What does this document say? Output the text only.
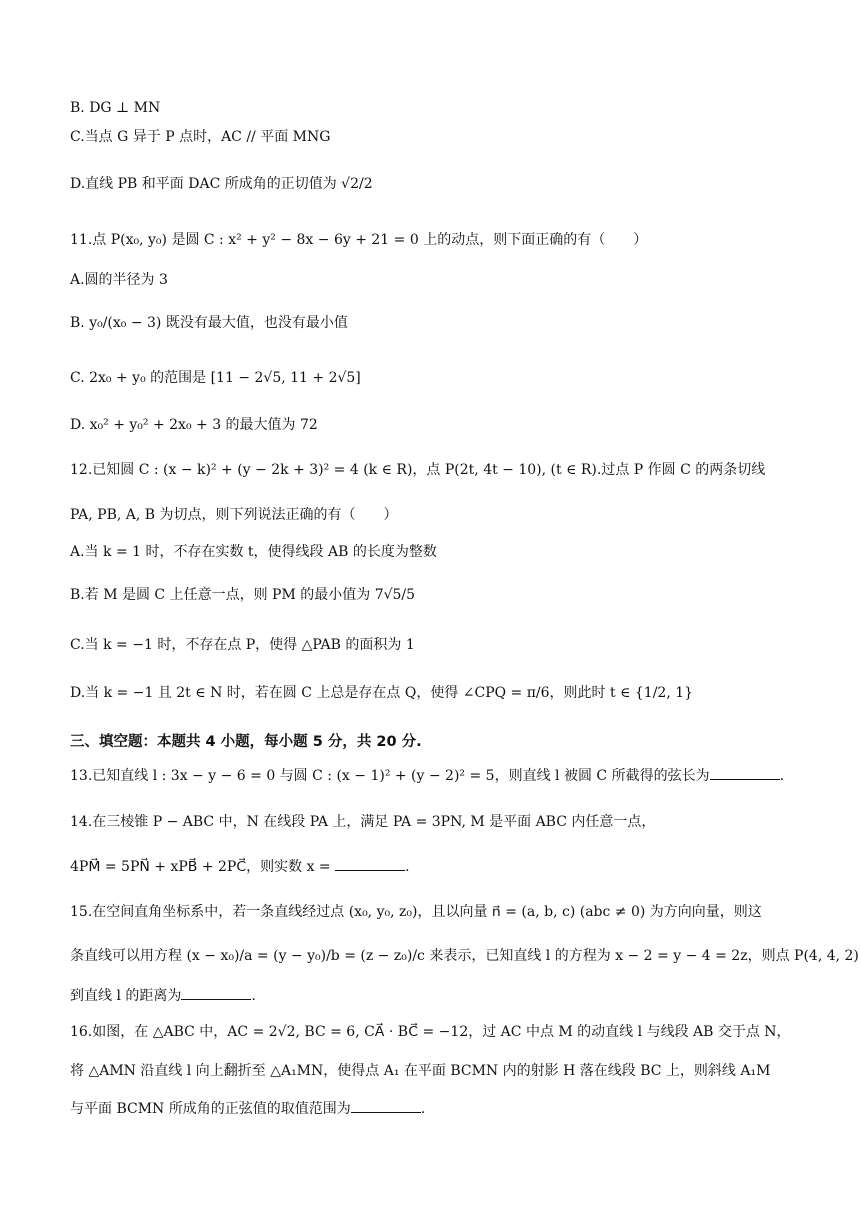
B. DG ⊥ MN
C.当点 G 异于 P 点时，AC // 平面 MNG
D.直线 PB 和平面 DAC 所成角的正切值为 √2/2
11.点 P(x₀, y₀) 是圆 C : x² + y² − 8x − 6y + 21 = 0 上的动点，则下面正确的有（　　）
A.圆的半径为 3
B. y₀/(x₀ − 3) 既没有最大值，也没有最小值
C. 2x₀ + y₀ 的范围是 [11 − 2√5, 11 + 2√5]
D. x₀² + y₀² + 2x₀ + 3 的最大值为 72
12.已知圆 C : (x − k)² + (y − 2k + 3)² = 4 (k ∈ R)，点 P(2t, 4t − 10), (t ∈ R).过点 P 作圆 C 的两条切线
PA, PB, A, B 为切点，则下列说法正确的有（　　）
A.当 k = 1 时，不存在实数 t，使得线段 AB 的长度为整数
B.若 M 是圆 C 上任意一点，则 PM 的最小值为 7√5/5
C.当 k = −1 时，不存在点 P，使得 △PAB 的面积为 1
D.当 k = −1 且 2t ∈ N 时，若在圆 C 上总是存在点 Q，使得 ∠CPQ = π/6，则此时 t ∈ {1/2, 1}
三、填空题：本题共 4 小题，每小题 5 分，共 20 分.
13.已知直线 l : 3x − y − 6 = 0 与圆 C : (x − 1)² + (y − 2)² = 5，则直线 l 被圆 C 所截得的弦长为	.
14.在三棱锥 P − ABC 中，N 在线段 PA 上，满足 PA = 3PN, M 是平面 ABC 内任意一点，
4PM⃗ = 5PN⃗ + xPB⃗ + 2PC⃗，则实数 x =	.
15.在空间直角坐标系中，若一条直线经过点 (x₀, y₀, z₀)，且以向量 n⃗ = (a, b, c) (abc ≠ 0) 为方向向量，则这
条直线可以用方程 (x − x₀)/a = (y − y₀)/b = (z − z₀)/c 来表示，已知直线 l 的方程为 x − 2 = y − 4 = 2z，则点 P(4, 4, 2)
到直线 l 的距离为	.
16.如图，在 △ABC 中，AC = 2√2, BC = 6, CA⃗ · BC⃗ = −12，过 AC 中点 M 的动直线 l 与线段 AB 交于点 N，
将 △AMN 沿直线 l 向上翻折至 △A₁MN，使得点 A₁ 在平面 BCMN 内的射影 H 落在线段 BC 上，则斜线 A₁M
与平面 BCMN 所成角的正弦值的取值范围为	.
